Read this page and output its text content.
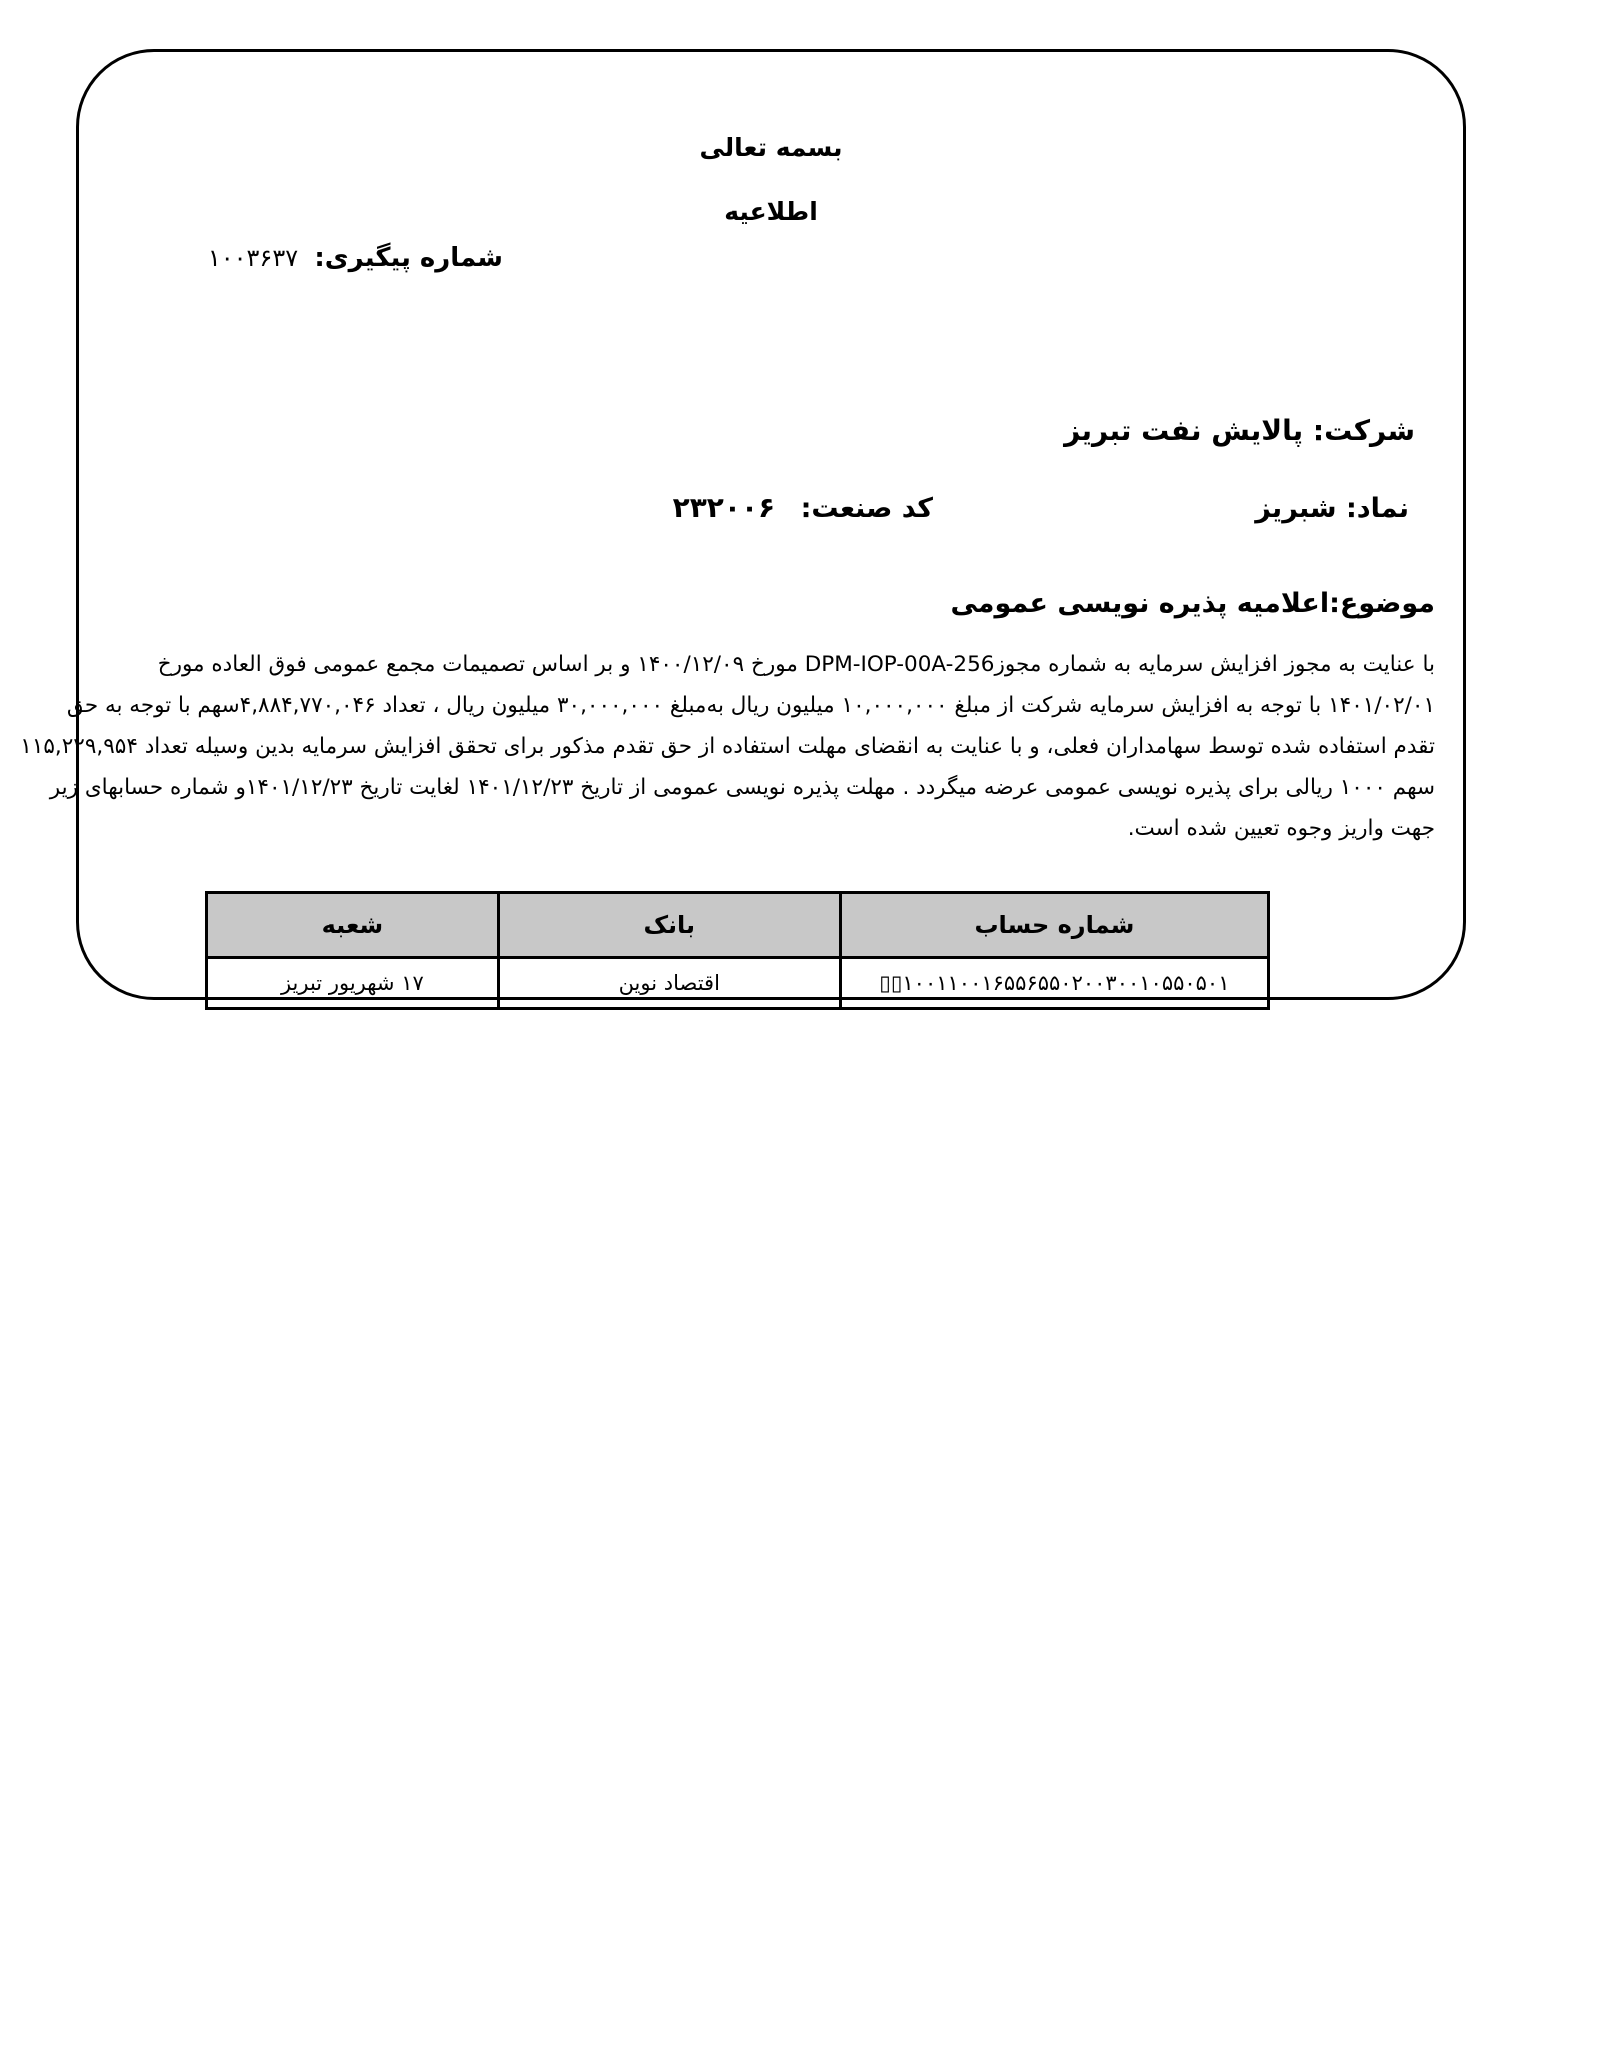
بسمه تعالی
اطلاعیه
شماره پیگیری: ۱۰۰۳۶۳۷
شرکت: پالایش نفت تبریز
نماد: شبریز
کد صنعت: ۲۳۲۰۰۶
موضوع:اعلامیه پذیره نویسی عمومی
با عنایت به مجوز افزایش سرمایه به شماره مجوزDPM-IOP-00A-256 مورخ ۱۴۰۰/۱۲/۰۹ و بر اساس تصمیمات مجمع عمومی فوق العاده مورخ
۱۴۰۱/۰۲/۰۱ با توجه به افزایش سرمایه شرکت از مبلغ ۱۰,۰۰۰,۰۰۰ میلیون ریال به‌مبلغ ۳۰,۰۰۰,۰۰۰ میلیون ریال ، تعداد ۴,۸۸۴,۷۷۰,۰۴۶سهم با توجه به حق
تقدم استفاده شده توسط سهامداران فعلی، و با عنایت به انقضای مهلت استفاده از حق تقدم مذکور برای تحقق افزایش سرمایه بدین وسیله تعداد ۱۱۵,۲۲۹,۹۵۴
سهم ۱۰۰۰ ریالی برای پذیره نویسی عمومی عرضه میگردد . مهلت پذیره نویسی عمومی از تاریخ ۱۴۰۱/۱۲/۲۳ لغایت تاریخ ۱۴۰۱/۱۲/۲۳و شماره حسابهای زیر
جهت واریز وجوه تعیین شده است.
شماره حساب	بانک	شعبه
۱۰۰۱‎۱۰۰۱۶۵۵۶۵۵۰۲۰۰۳۰۰۱۰۵۵۰۵۰۱▯▯	اقتصاد نوین	۱۷ شهریور تبریز
